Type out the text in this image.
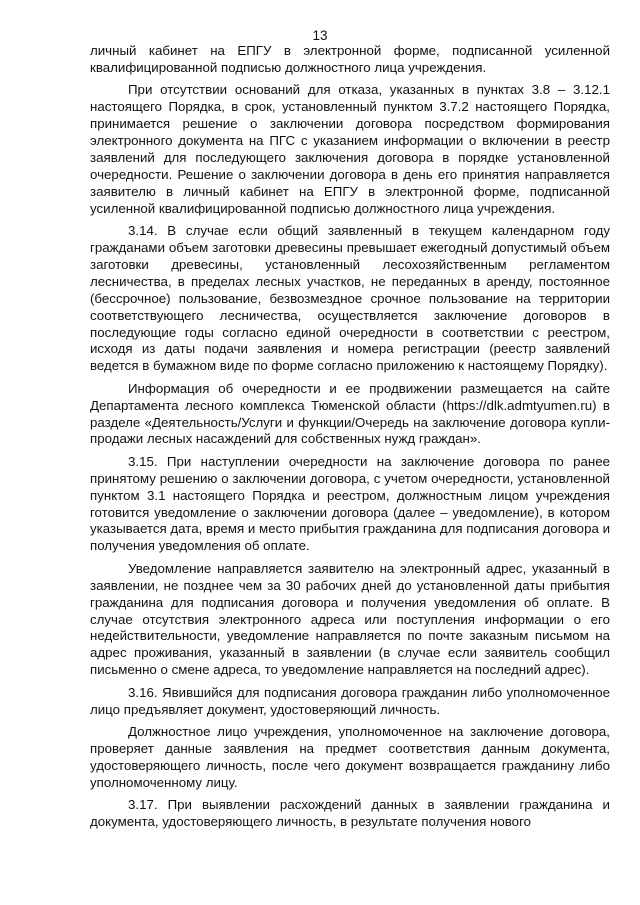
13

личный кабинет на ЕПГУ в электронной форме, подписанной усиленной квалифицированной подписью должностного лица учреждения.

При отсутствии оснований для отказа, указанных в пунктах 3.8 – 3.12.1 настоящего Порядка, в срок, установленный пунктом 3.7.2 настоящего Порядка, принимается решение о заключении договора посредством формирования электронного документа на ПГС с указанием информации о включении в реестр заявлений для последующего заключения договора в порядке установленной очередности. Решение о заключении договора в день его принятия направляется заявителю в личный кабинет на ЕПГУ в электронной форме, подписанной усиленной квалифицированной подписью должностного лица учреждения.

3.14. В случае если общий заявленный в текущем календарном году гражданами объем заготовки древесины превышает ежегодный допустимый объем заготовки древесины, установленный лесохозяйственным регламентом лесничества, в пределах лесных участков, не переданных в аренду, постоянное (бессрочное) пользование, безвозмездное срочное пользование на территории соответствующего лесничества, осуществляется заключение договоров в последующие годы согласно единой очередности в соответствии с реестром, исходя из даты подачи заявления и номера регистрации (реестр заявлений ведется в бумажном виде по форме согласно приложению к настоящему Порядку).

Информация об очередности и ее продвижении размещается на сайте Департамента лесного комплекса Тюменской области (https://dlk.admtyumen.ru) в разделе «Деятельность/Услуги и функции/Очередь на заключение договора купли-продажи лесных насаждений для собственных нужд граждан».

3.15. При наступлении очередности на заключение договора по ранее принятому решению о заключении договора, с учетом очередности, установленной пунктом 3.1 настоящего Порядка и реестром, должностным лицом учреждения готовится уведомление о заключении договора (далее – уведомление), в котором указывается дата, время и место прибытия гражданина для подписания договора и получения уведомления об оплате.

Уведомление направляется заявителю на электронный адрес, указанный в заявлении, не позднее чем за 30 рабочих дней до установленной даты прибытия гражданина для подписания договора и получения уведомления об оплате. В случае отсутствия электронного адреса или поступления информации о его недействительности, уведомление направляется по почте заказным письмом на адрес проживания, указанный в заявлении (в случае если заявитель сообщил письменно о смене адреса, то уведомление направляется на последний адрес).

3.16. Явившийся для подписания договора гражданин либо уполномоченное лицо предъявляет документ, удостоверяющий личность.

Должностное лицо учреждения, уполномоченное на заключение договора, проверяет данные заявления на предмет соответствия данным документа, удостоверяющего личность, после чего документ возвращается гражданину либо уполномоченному лицу.

3.17. При выявлении расхождений данных в заявлении гражданина и документа, удостоверяющего личность, в результате получения нового
